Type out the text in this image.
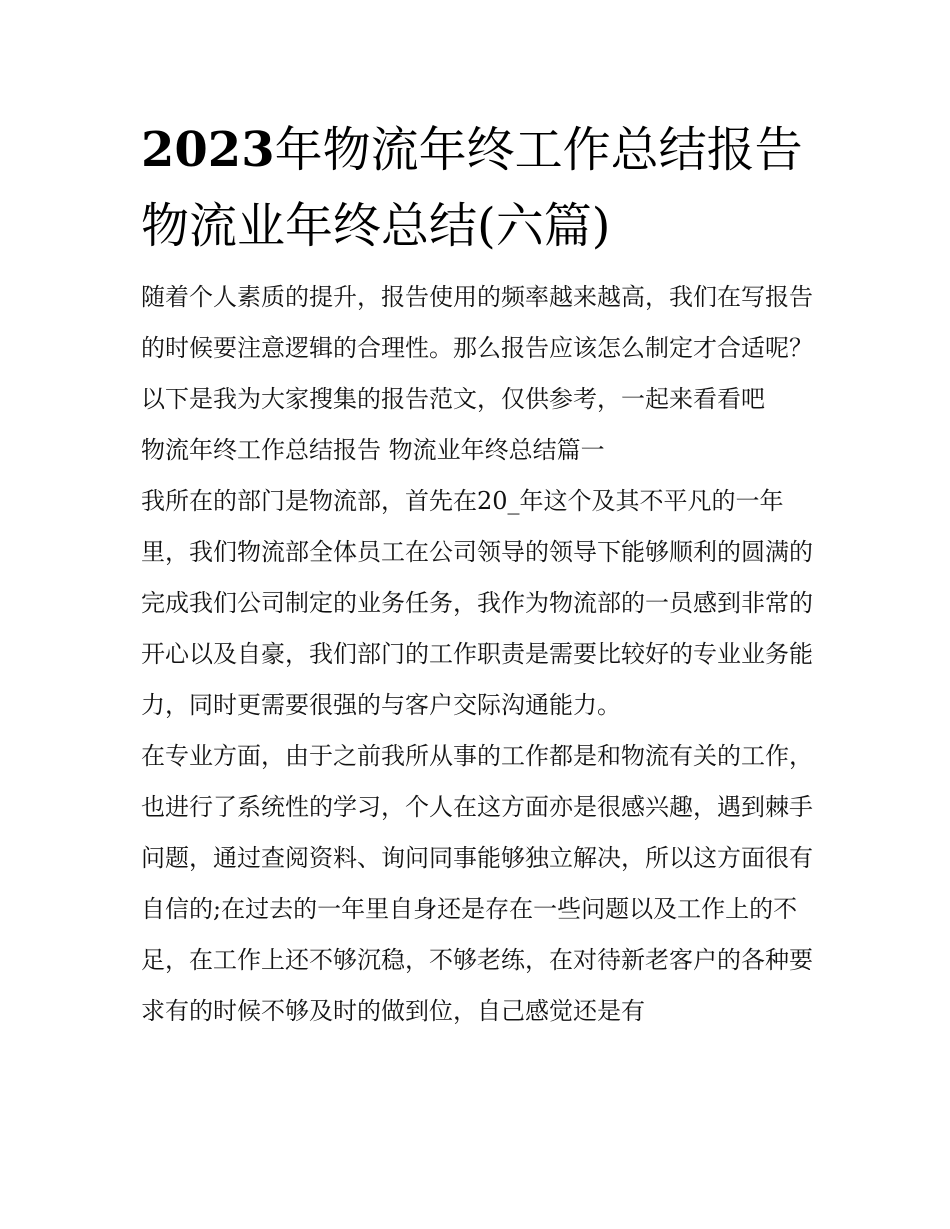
2023年物流年终工作总结报告物流业年终总结(六篇)

随着个人素质的提升，报告使用的频率越来越高，我们在写报告的时候要注意逻辑的合理性。那么报告应该怎么制定才合适呢？以下是我为大家搜集的报告范文，仅供参考，一起来看看吧

物流年终工作总结报告 物流业年终总结篇一

我所在的部门是物流部，首先在20_年这个及其不平凡的一年里，我们物流部全体员工在公司领导的领导下能够顺利的圆满的完成我们公司制定的业务任务，我作为物流部的一员感到非常的开心以及自豪，我们部门的工作职责是需要比较好的专业业务能力，同时更需要很强的与客户交际沟通能力。

在专业方面，由于之前我所从事的工作都是和物流有关的工作，也进行了系统性的学习，个人在这方面亦是很感兴趣，遇到棘手问题，通过查阅资料、询问同事能够独立解决，所以这方面很有自信的;在过去的一年里自身还是存在一些问题以及工作上的不足，在工作上还不够沉稳，不够老练，在对待新老客户的各种要求有的时候不够及时的做到位，自己感觉还是有
